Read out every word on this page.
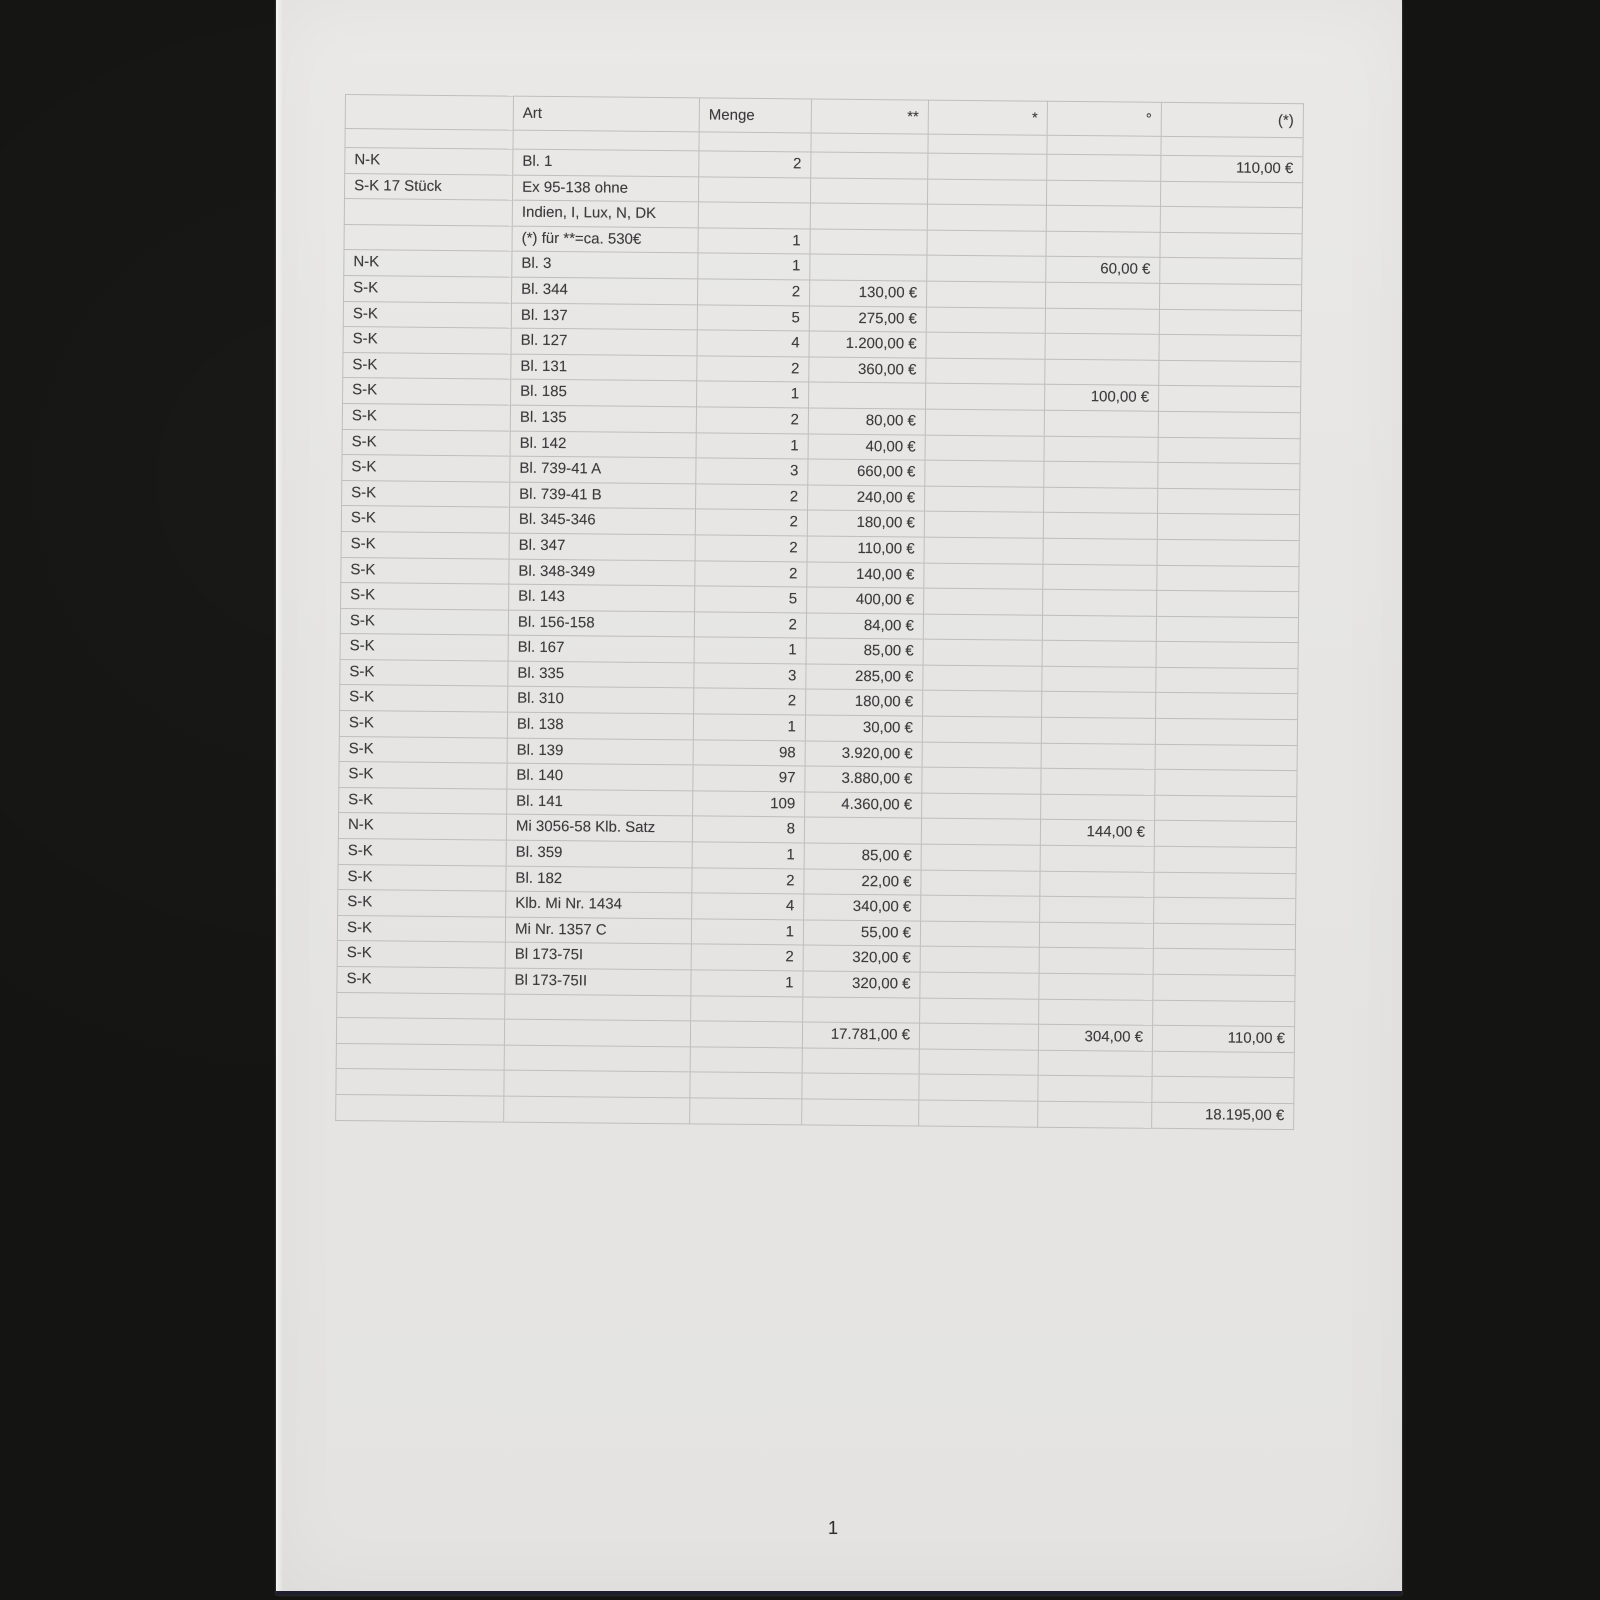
	Art	Menge	**	*	°	(*)

N-K	Bl. 1	2				110,00 €
S-K 17 Stück	Ex 95-138 ohne					
	Indien, I, Lux, N, DK					
	(*) für **=ca. 530€	1				
N-K	Bl. 3	1			60,00 €	
S-K	Bl. 344	2	130,00 €			
S-K	Bl. 137	5	275,00 €			
S-K	Bl. 127	4	1.200,00 €			
S-K	Bl. 131	2	360,00 €			
S-K	Bl. 185	1			100,00 €	
S-K	Bl. 135	2	80,00 €			
S-K	Bl. 142	1	40,00 €			
S-K	Bl. 739-41 A	3	660,00 €			
S-K	Bl. 739-41 B	2	240,00 €			
S-K	Bl. 345-346	2	180,00 €			
S-K	Bl. 347	2	110,00 €			
S-K	Bl. 348-349	2	140,00 €			
S-K	Bl. 143	5	400,00 €			
S-K	Bl. 156-158	2	84,00 €			
S-K	Bl. 167	1	85,00 €			
S-K	Bl. 335	3	285,00 €			
S-K	Bl. 310	2	180,00 €			
S-K	Bl. 138	1	30,00 €			
S-K	Bl. 139	98	3.920,00 €			
S-K	Bl. 140	97	3.880,00 €			
S-K	Bl. 141	109	4.360,00 €			
N-K	Mi 3056-58 Klb. Satz	8			144,00 €	
S-K	Bl. 359	1	85,00 €			
S-K	Bl. 182	2	22,00 €			
S-K	Klb. Mi Nr. 1434	4	340,00 €			
S-K	Mi Nr. 1357 C	1	55,00 €			
S-K	Bl 173-75I	2	320,00 €			
S-K	Bl 173-75II	1	320,00 €			

			17.781,00 €		304,00 €	110,00 €

						18.195,00 €
1
